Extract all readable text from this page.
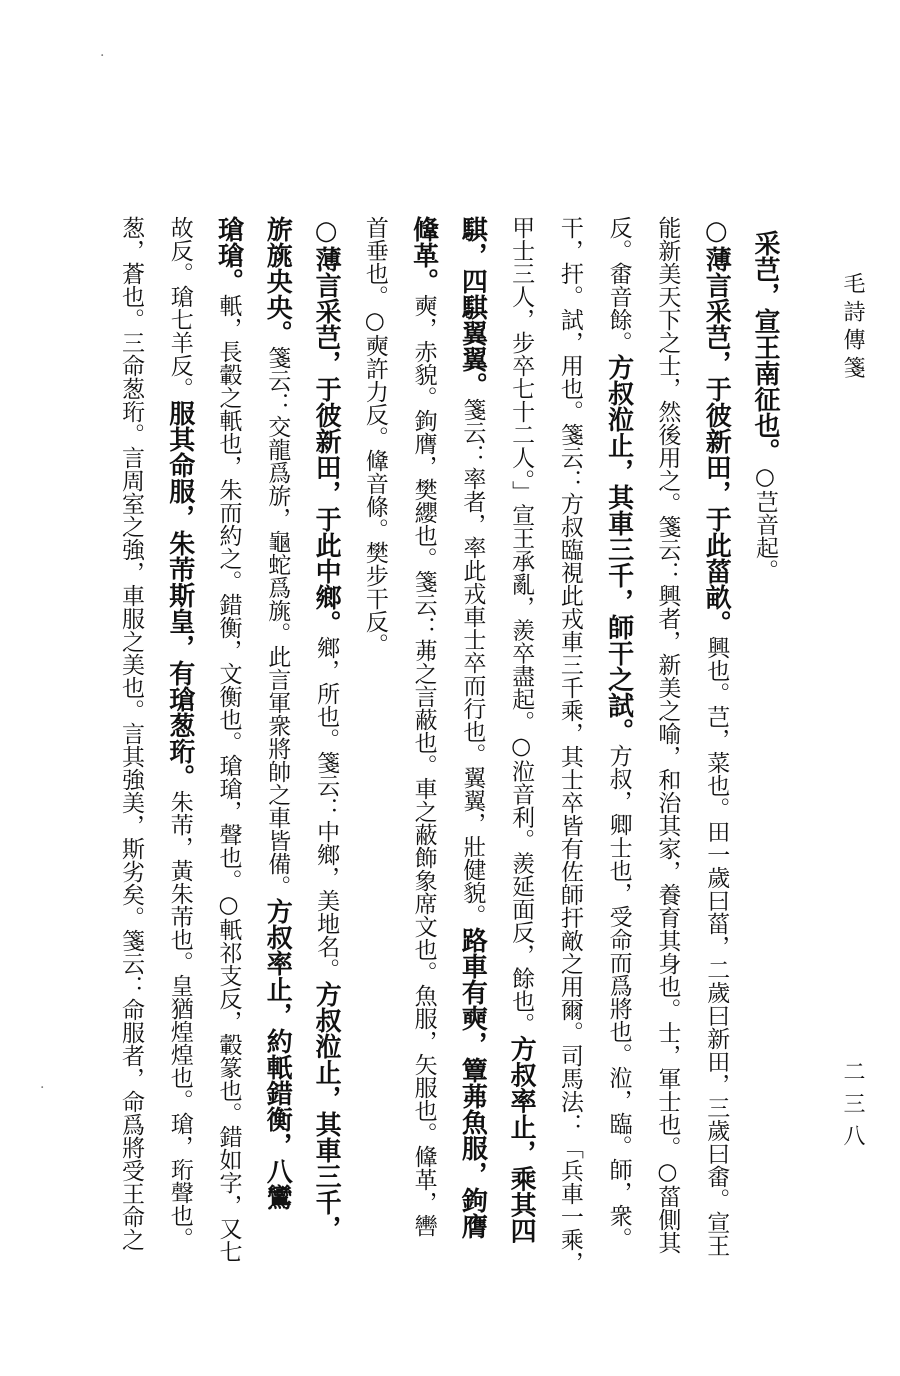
毛詩傳箋
二三八
采芑，宣王南征也。○芑音起。
○薄言采芑，于彼新田，于此菑畝。興也。芑，菜也。田一歲曰菑，二歲曰新田，三歲曰畬。宣王
能新美天下之士，然後用之。箋云：興者，新美之喻，和治其家，養育其身也。士，軍士也。○菑側其
反。畬音餘。方叔涖止，其車三千，師干之試。方叔，卿士也，受命而爲將也。涖，臨。師，衆。
干，扞。試，用也。箋云：方叔臨視此戎車三千乘，其士卒皆有佐師扞敵之用爾。司馬法：「兵車一乘，
甲士三人，步卒七十二人。」宣王承亂，羨卒盡起。○涖音利。羨延面反，餘也。方叔率止，乘其四
騏，四騏翼翼。箋云：率者，率此戎車士卒而行也。翼翼，壯健貌。路車有奭，簟茀魚服，鉤膺
鞗革。奭，赤貌。鉤膺，樊纓也。箋云：茀之言蔽也。車之蔽飾象席文也。魚服，矢服也。鞗革，轡
首垂也。○奭許力反。鞗音條。樊步干反。
○薄言采芑，于彼新田，于此中鄉。鄉，所也。箋云：中鄉，美地名。方叔涖止，其車三千，
旂旐央央。箋云：交龍爲旂，龜蛇爲旐。此言軍衆將帥之車皆備。方叔率止，約軝錯衡，八鸞
瑲瑲。軝，長轂之軝也，朱而約之。錯衡，文衡也。瑲瑲，聲也。○軝祁支反，轂篆也。錯如字，又七
故反。瑲七羊反。服其命服，朱芾斯皇，有瑲葱珩。朱芾，黃朱芾也。皇猶煌煌也。瑲，珩聲也。
葱，蒼也。三命葱珩。言周室之強，車服之美也。言其強美，斯劣矣。箋云：命服者，命爲將受王命之
·
·
